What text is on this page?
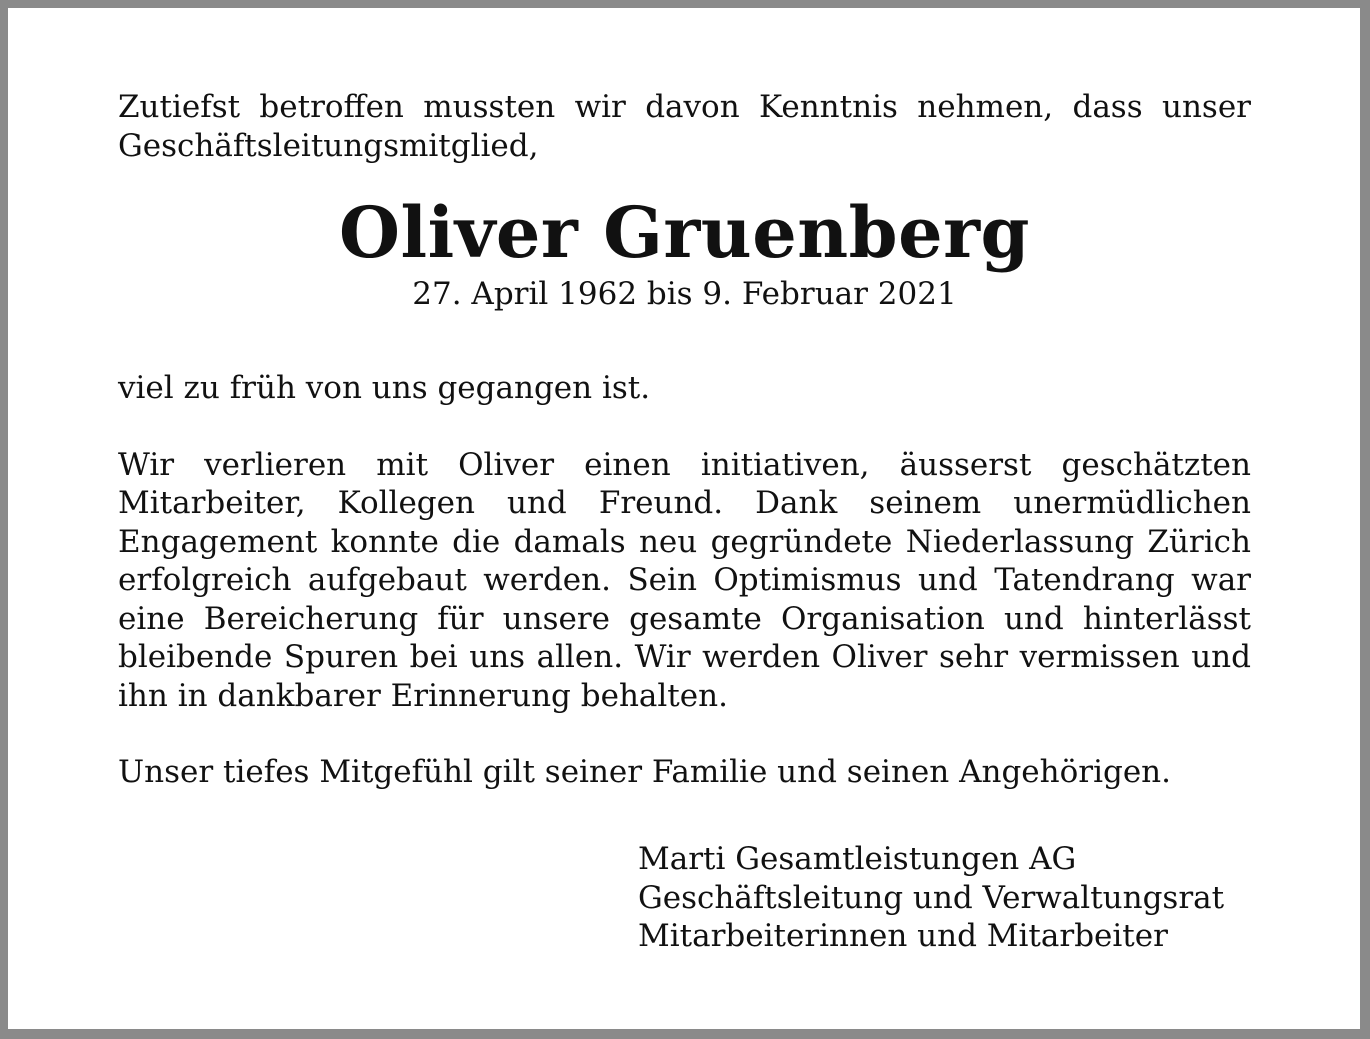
Zutiefst betroffen mussten wir davon Kenntnis nehmen, dass unser Geschäftsleitungsmitglied,

Oliver Gruenberg

27. April 1962 bis 9. Februar 2021

viel zu früh von uns gegangen ist.

Wir verlieren mit Oliver einen initiativen, äusserst geschätzten Mitarbeiter, Kollegen und Freund. Dank seinem unermüdlichen Engagement konnte die damals neu gegründete Niederlassung Zürich erfolgreich aufgebaut werden. Sein Optimismus und Tatendrang war eine Bereicherung für unsere gesamte Organisation und hinterlässt bleibende Spuren bei uns allen. Wir werden Oliver sehr vermissen und ihn in dankbarer Erinnerung behalten.

Unser tiefes Mitgefühl gilt seiner Familie und seinen Angehörigen.

Marti Gesamtleistungen AG

Geschäftsleitung und Verwaltungsrat

Mitarbeiterinnen und Mitarbeiter
